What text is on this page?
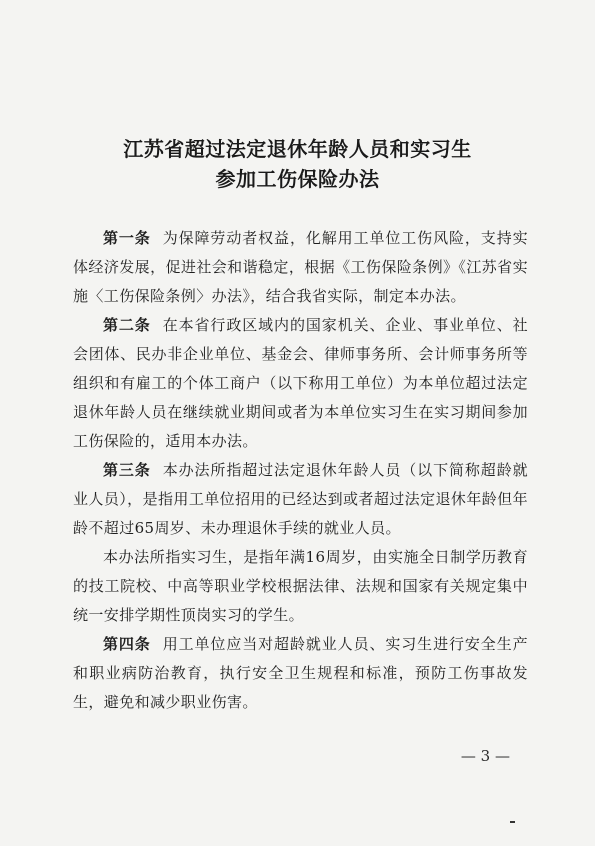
江苏省超过法定退休年龄人员和实习生
参加工伤保险办法

第一条 为保障劳动者权益，化解用工单位工伤风险，支持实体经济发展，促进社会和谐稳定，根据《工伤保险条例》《江苏省实施〈工伤保险条例〉办法》，结合我省实际，制定本办法。

第二条 在本省行政区域内的国家机关、企业、事业单位、社会团体、民办非企业单位、基金会、律师事务所、会计师事务所等组织和有雇工的个体工商户（以下称用工单位）为本单位超过法定退休年龄人员在继续就业期间或者为本单位实习生在实习期间参加工伤保险的，适用本办法。

第三条 本办法所指超过法定退休年龄人员（以下简称超龄就业人员），是指用工单位招用的已经达到或者超过法定退休年龄但年龄不超过65周岁、未办理退休手续的就业人员。

本办法所指实习生，是指年满16周岁，由实施全日制学历教育的技工院校、中高等职业学校根据法律、法规和国家有关规定集中统一安排学期性顶岗实习的学生。

第四条 用工单位应当对超龄就业人员、实习生进行安全生产和职业病防治教育，执行安全卫生规程和标准，预防工伤事故发生，避免和减少职业伤害。

— 3 —
